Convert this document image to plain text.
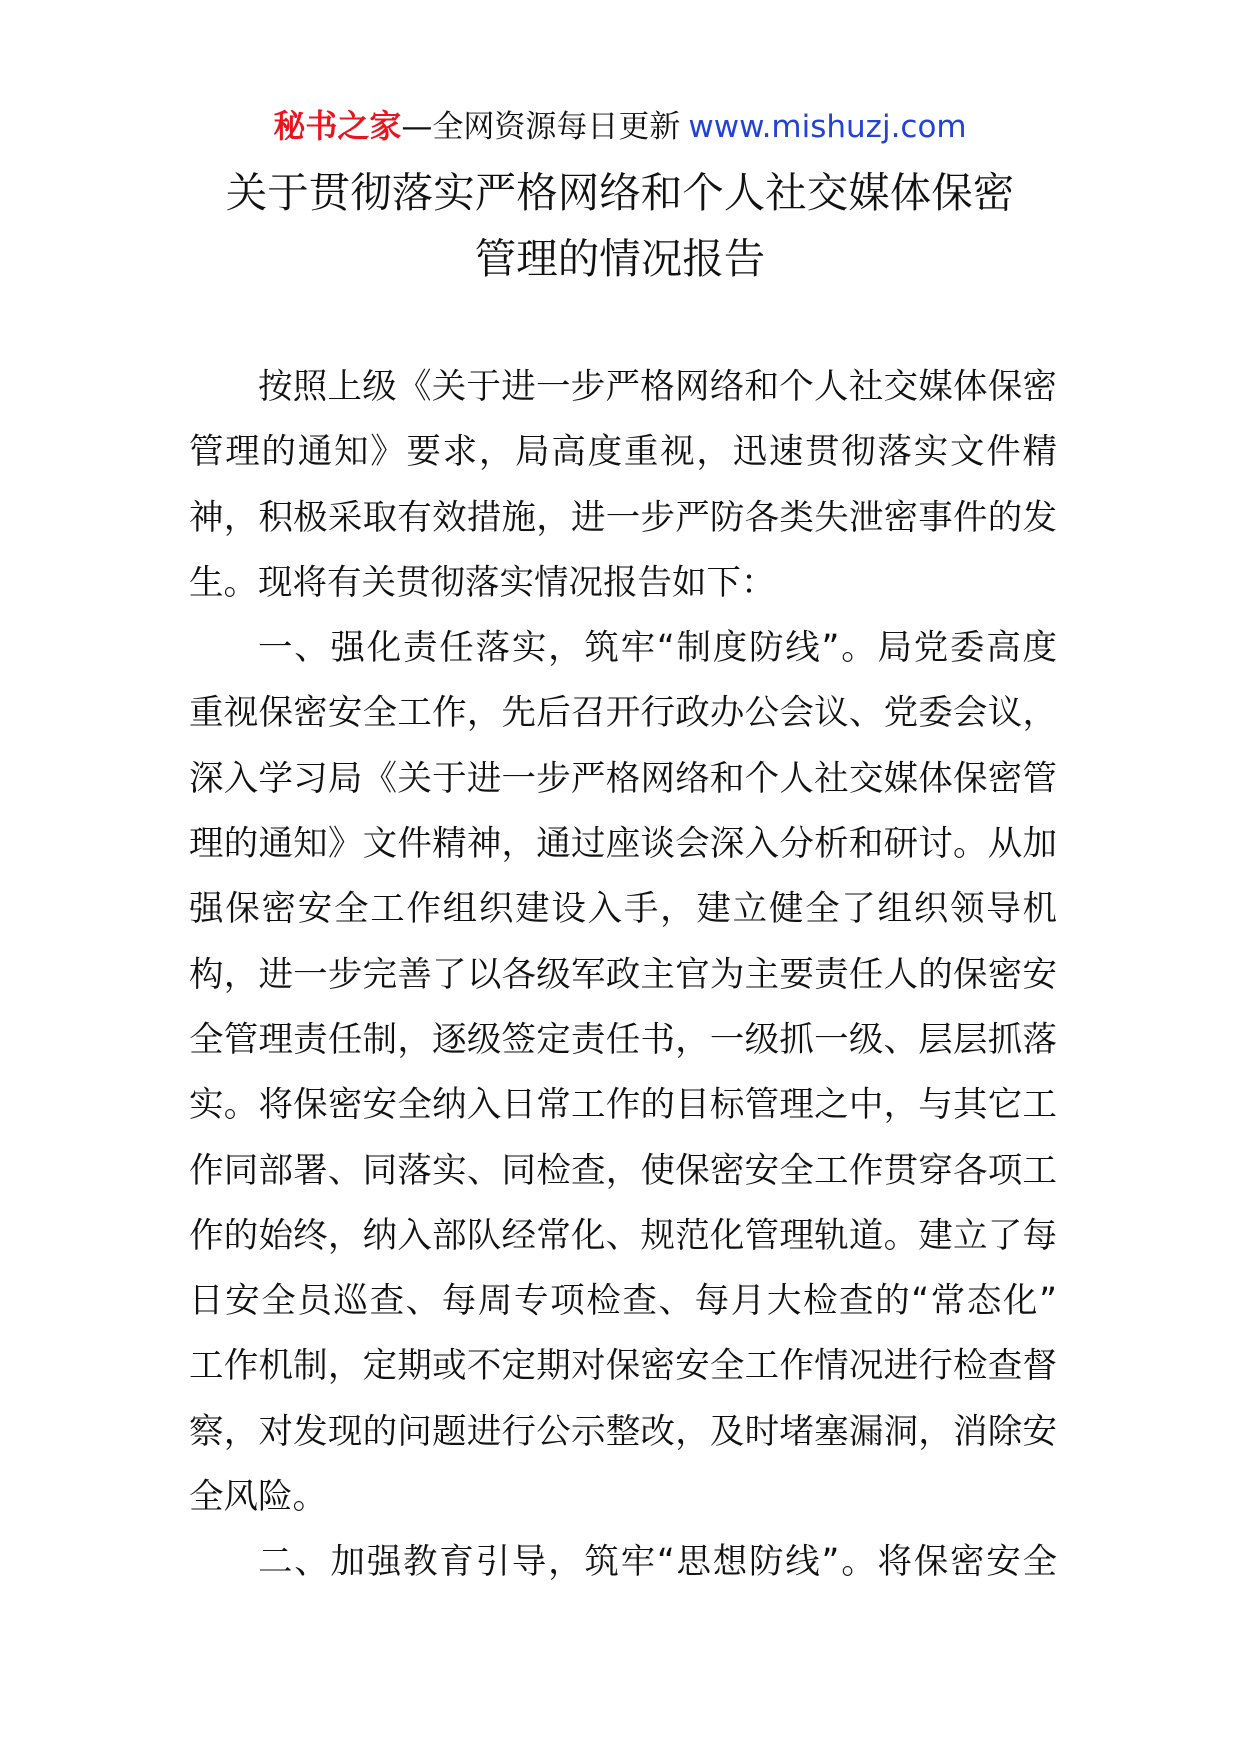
秘书之家—全网资源每日更新 www.mishuzj.com
关于贯彻落实严格网络和个人社交媒体保密
管理的情况报告
按照上级《关于进一步严格网络和个人社交媒体保密
管理的通知》要求，局高度重视，迅速贯彻落实文件精
神，积极采取有效措施，进一步严防各类失泄密事件的发
生。现将有关贯彻落实情况报告如下：
一、强化责任落实，筑牢“制度防线”。局党委高度
重视保密安全工作，先后召开行政办公会议、党委会议，
深入学习局《关于进一步严格网络和个人社交媒体保密管
理的通知》文件精神，通过座谈会深入分析和研讨。从加
强保密安全工作组织建设入手，建立健全了组织领导机
构，进一步完善了以各级军政主官为主要责任人的保密安
全管理责任制，逐级签定责任书，一级抓一级、层层抓落
实。将保密安全纳入日常工作的目标管理之中，与其它工
作同部署、同落实、同检查，使保密安全工作贯穿各项工
作的始终，纳入部队经常化、规范化管理轨道。建立了每
日安全员巡查、每周专项检查、每月大检查的“常态化”
工作机制，定期或不定期对保密安全工作情况进行检查督
察，对发现的问题进行公示整改，及时堵塞漏洞，消除安
全风险。
二、加强教育引导，筑牢“思想防线”。将保密安全
